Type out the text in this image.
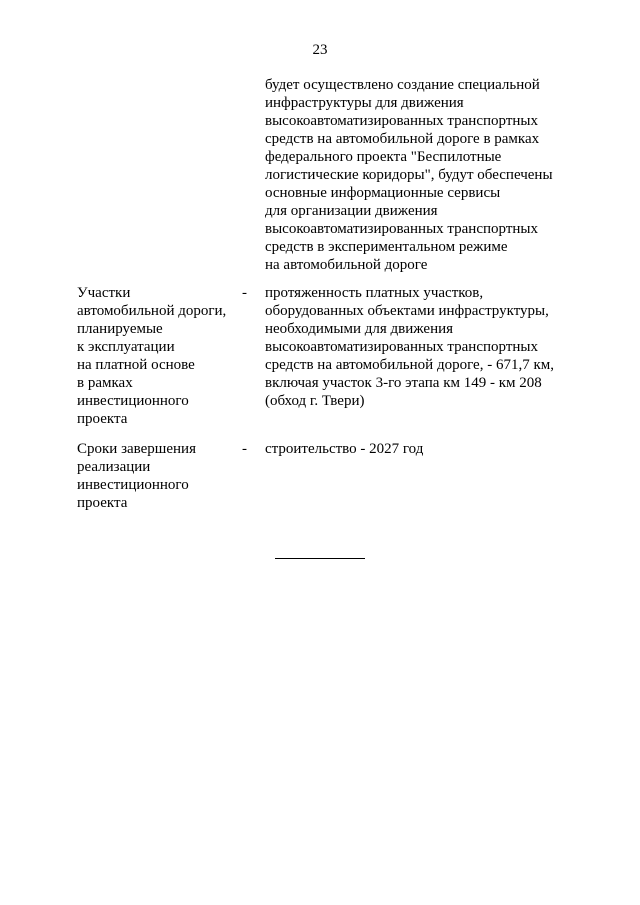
23
будет осуществлено создание специальной
инфраструктуры для движения
высокоавтоматизированных транспортных
средств на автомобильной дороге в рамках
федерального проекта "Беспилотные
логистические коридоры", будут обеспечены
основные информационные сервисы
для организации движения
высокоавтоматизированных транспортных
средств в экспериментальном режиме
на автомобильной дороге
Участки
автомобильной дороги,
планируемые
к эксплуатации
на платной основе
в рамках
инвестиционного
проекта
-	протяженность платных участков,
оборудованных объектами инфраструктуры,
необходимыми для движения
высокоавтоматизированных транспортных
средств на автомобильной дороге, - 671,7 км,
включая участок 3-го этапа км 149 - км 208
(обход г. Твери)
Сроки завершения
реализации
инвестиционного
проекта
-	строительство - 2027 год
